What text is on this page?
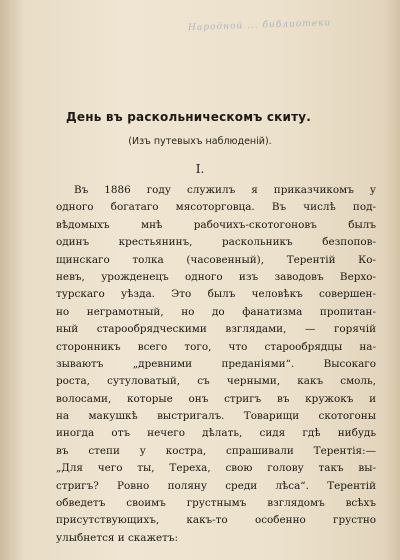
Народной ... библиотеки
День въ раскольническомъ скиту.
(Изъ путевыхъ наблюденій).
I.
Въ 1886 году служилъ я приказчикомъ у
одного богатаго мясоторговца. Въ числѣ под-
вѣдомыхъ мнѣ рабочихъ-скотогоновъ былъ
одинъ крестьянинъ, раскольникъ безпопов-
щинскаго толка (часовенный), Терентій Ко-
невъ, урожденецъ одного изъ заводовъ Верхо-
турскаго уѣзда. Это былъ человѣкъ совершен-
но неграмотный, но до фанатизма пропитан-
ный старообрядческими взглядами, — горячій
сторонникъ всего того, что старообрядцы на-
зываютъ „древними преданіями“. Высокаго
роста, сутуловатый, съ черными, какъ смоль,
волосами, которые онъ стригъ въ кружокъ и
на макушкѣ выстригалъ. Товарищи скотогоны
иногда отъ нечего дѣлать, сидя гдѣ нибудь
въ степи у костра, спрашивали Терентія:—
„Для чего ты, Тереха, свою голову такъ вы-
стригъ? Ровно поляну среди лѣса“. Терентій
обведетъ своимъ грустнымъ взглядомъ всѣхъ
присутствующихъ, какъ-то особенно грустно
улыбнется и скажетъ:
